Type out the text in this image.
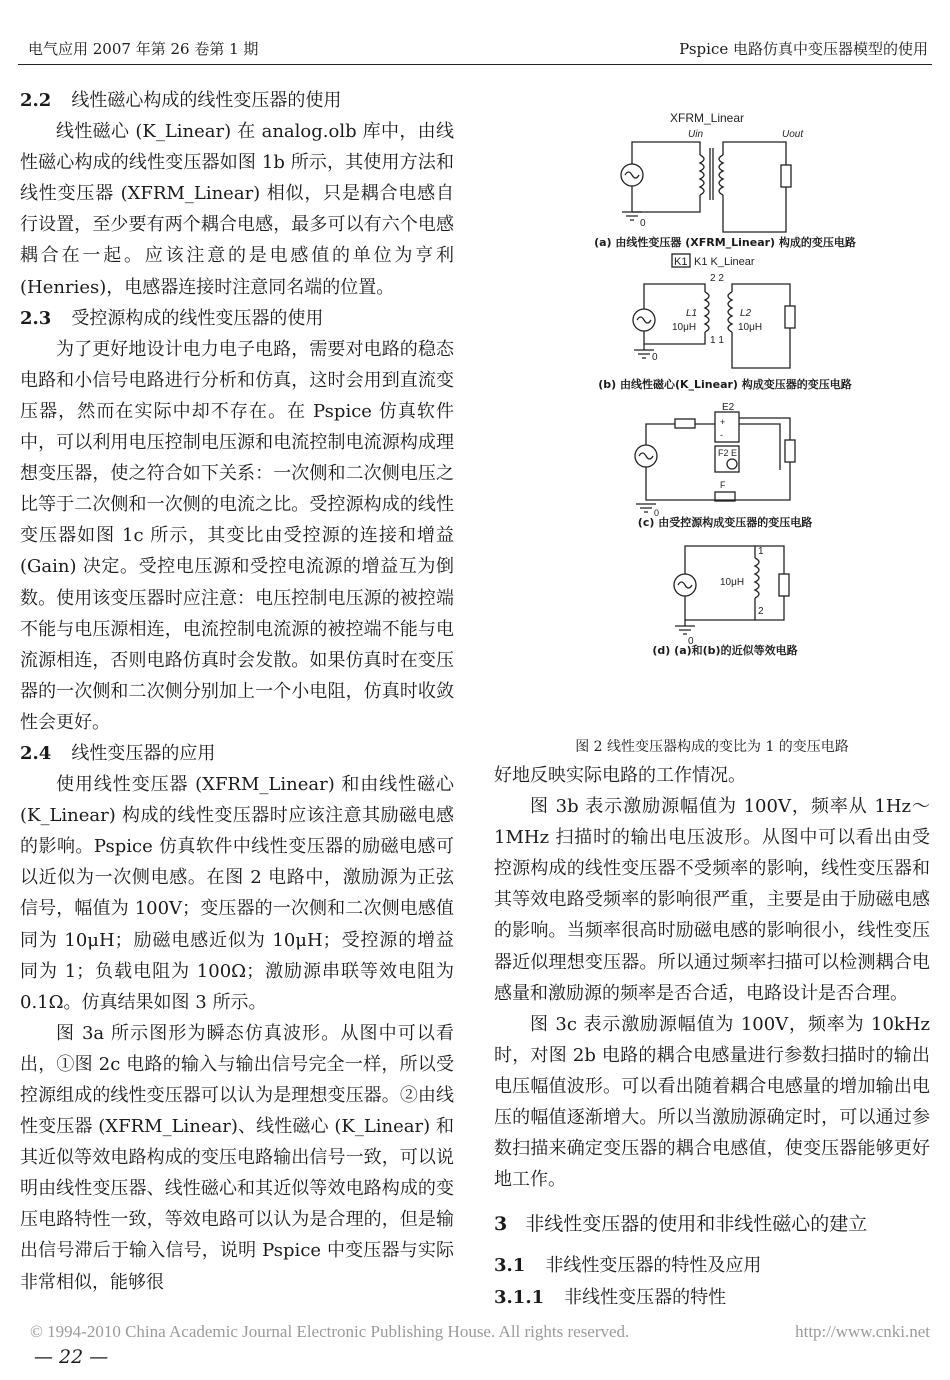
电气应用 2007 年第 26 卷第 1 期	Pspice 电路仿真中变压器模型的使用
2.2 线性磁心构成的线性变压器的使用

线性磁心 (K_Linear) 在 analog.olb 库中，由线性磁心构成的线性变压器如图 1b 所示，其使用方法和线性变压器 (XFRM_Linear) 相似，只是耦合电感自行设置，至少要有两个耦合电感，最多可以有六个电感耦合在一起。应该注意的是电感值的单位为亨利 (Henries)，电感器连接时注意同名端的位置。

2.3 受控源构成的线性变压器的使用

为了更好地设计电力电子电路，需要对电路的稳态电路和小信号电路进行分析和仿真，这时会用到直流变压器，然而在实际中却不存在。在 Pspice 仿真软件中，可以利用电压控制电压源和电流控制电流源构成理想变压器，使之符合如下关系：一次侧和二次侧电压之比等于二次侧和一次侧的电流之比。受控源构成的线性变压器如图 1c 所示，其变比由受控源的连接和增益 (Gain) 决定。受控电压源和受控电流源的增益互为倒数。使用该变压器时应注意：电压控制电压源的被控端不能与电压源相连，电流控制电流源的被控端不能与电流源相连，否则电路仿真时会发散。如果仿真时在变压器的一次侧和二次侧分别加上一个小电阻，仿真时收敛性会更好。

2.4 线性变压器的应用

使用线性变压器 (XFRM_Linear) 和由线性磁心 (K_Linear) 构成的线性变压器时应该注意其励磁电感的影响。Pspice 仿真软件中线性变压器的励磁电感可以近似为一次侧电感。在图 2 电路中，激励源为正弦信号，幅值为 100V；变压器的一次侧和二次侧电感值同为 10μH；励磁电感近似为 10μH；受控源的增益同为 1；负载电阻为 100Ω；激励源串联等效电阻为 0.1Ω。仿真结果如图 3 所示。

图 3a 所示图形为瞬态仿真波形。从图中可以看出，①图 2c 电路的输入与输出信号完全一样，所以受控源组成的线性变压器可以认为是理想变压器。②由线性变压器 (XFRM_Linear)、线性磁心 (K_Linear) 和其近似等效电路构成的变压电路输出信号一致，可以说明由线性变压器、线性磁心和其近似等效电路构成的变压电路特性一致，等效电路可以认为是合理的，但是输出信号滞后于输入信号，说明 Pspice 中变压器与实际非常相似，能够很

XFRM_Linear
Uin	Uout
0
(a) 由线性变压器 (XFRM_Linear) 构成的变压电路
K1 K1 K_Linear
2 2
L1
10μH
L2
10μH
1 1
0
(b) 由线性磁心(K_Linear) 构成变压器的变压电路
E2
+
-
F2 E
F
0
(c) 由受控源构成变压器的变压电路
1
10μH
2
0
(d) (a)和(b)的近似等效电路
图 2 线性变压器构成的变比为 1 的变压电路

好地反映实际电路的工作情况。

图 3b 表示激励源幅值为 100V，频率从 1Hz～1MHz 扫描时的输出电压波形。从图中可以看出由受控源构成的线性变压器不受频率的影响，线性变压器和其等效电路受频率的影响很严重，主要是由于励磁电感的影响。当频率很高时励磁电感的影响很小，线性变压器近似理想变压器。所以通过频率扫描可以检测耦合电感量和激励源的频率是否合适，电路设计是否合理。

图 3c 表示激励源幅值为 100V，频率为 10kHz 时，对图 2b 电路的耦合电感量进行参数扫描时的输出电压幅值波形。可以看出随着耦合电感量的增加输出电压的幅值逐渐增大。所以当激励源确定时，可以通过参数扫描来确定变压器的耦合电感值，使变压器能够更好地工作。

3 非线性变压器的使用和非线性磁心的建立
3.1 非线性变压器的特性及应用
3.1.1 非线性变压器的特性
© 1994-2010 China Academic Journal Electronic Publishing House. All rights reserved.	http://www.cnki.net
— 22 —
